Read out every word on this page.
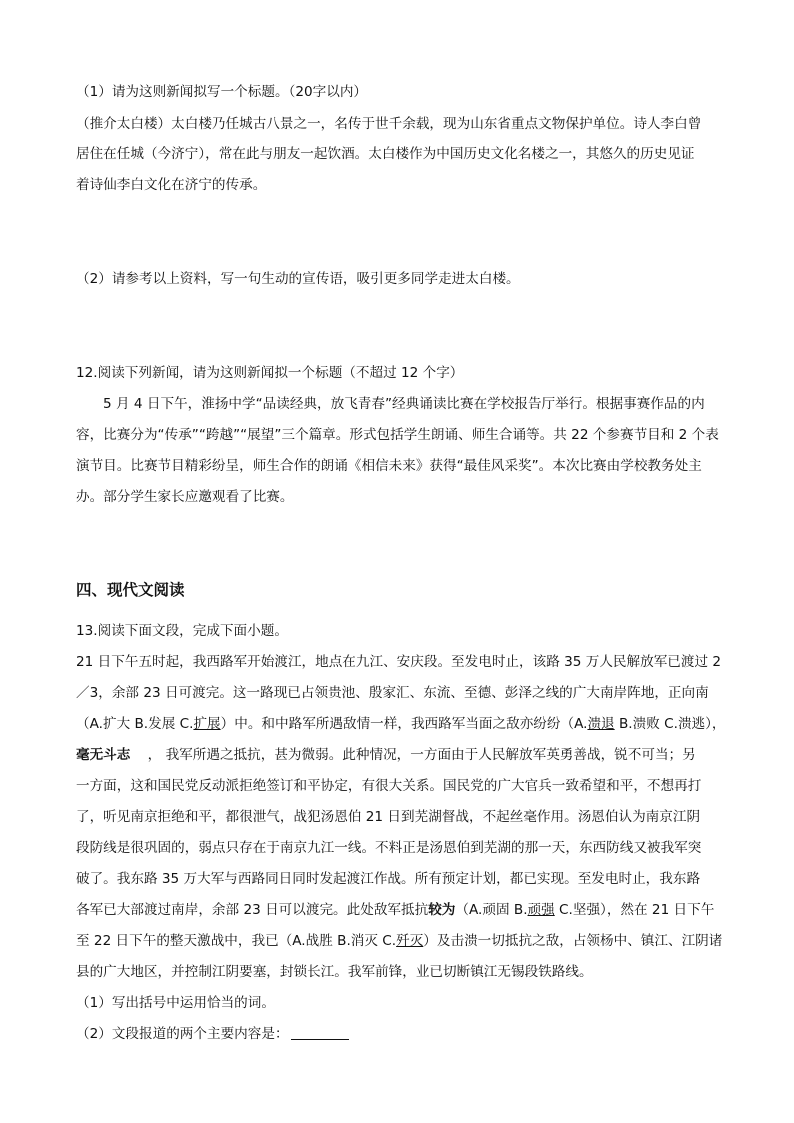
（1）请为这则新闻拟写一个标题。（20字以内）
（推介太白楼）太白楼乃任城古八景之一，名传于世千余载，现为山东省重点文物保护单位。诗人李白曾
居住在任城（今济宁），常在此与朋友一起饮酒。太白楼作为中国历史文化名楼之一，其悠久的历史见证
着诗仙李白文化在济宁的传承。
（2）请参考以上资料，写一句生动的宣传语，吸引更多同学走进太白楼。
12.阅读下列新闻，请为这则新闻拟一个标题（不超过 12 个字）
5 月 4 日下午，淮扬中学“品读经典，放飞青春”经典诵读比赛在学校报告厅举行。根据事赛作品的内
容，比赛分为“传承”“跨越”“展望”三个篇章。形式包括学生朗诵、师生合诵等。共 22 个参赛节目和 2 个表
演节目。比赛节目精彩纷呈，师生合作的朗诵《相信未来》获得“最佳风采奖”。本次比赛由学校教务处主
办。部分学生家长应邀观看了比赛。
四、现代文阅读
13.阅读下面文段，完成下面小题。
21 日下午五时起，我西路军开始渡江，地点在九江、安庆段。至发电时止，该路 35 万人民解放军已渡过 2
／3，余部 23 日可渡完。这一路现已占领贵池、殷家汇、东流、至德、彭泽之线的广大南岸阵地，正向南
（A.扩大 B.发展 C.扩展）中。和中路军所遇敌情一样，我西路军当面之敌亦纷纷（A.溃退 B.溃败 C.溃逃），
毫无斗志    ， 我军所遇之抵抗，甚为微弱。此种情况，一方面由于人民解放军英勇善战，锐不可当；另
一方面，这和国民党反动派拒绝签订和平协定，有很大关系。国民党的广大官兵一致希望和平，不想再打
了，听见南京拒绝和平，都很泄气，战犯汤恩伯 21 日到芜湖督战，不起丝毫作用。汤恩伯认为南京江阴
段防线是很巩固的，弱点只存在于南京九江一线。不料正是汤恩伯到芜湖的那一天，东西防线又被我军突
破了。我东路 35 万大军与西路同日同时发起渡江作战。所有预定计划，都已实现。至发电时止，我东路
各军已大部渡过南岸，余部 23 日可以渡完。此处敌军抵抗较为（A.顽固 B.顽强 C.坚强），然在 21 日下午
至 22 日下午的整天激战中，我已（A.战胜 B.消灭 C.歼灭）及击溃一切抵抗之敌，占领杨中、镇江、江阴诸
县的广大地区，并控制江阴要塞，封锁长江。我军前锋，业已切断镇江无锡段铁路线。
（1）写出括号中运用恰当的词。
（2）文段报道的两个主要内容是：
